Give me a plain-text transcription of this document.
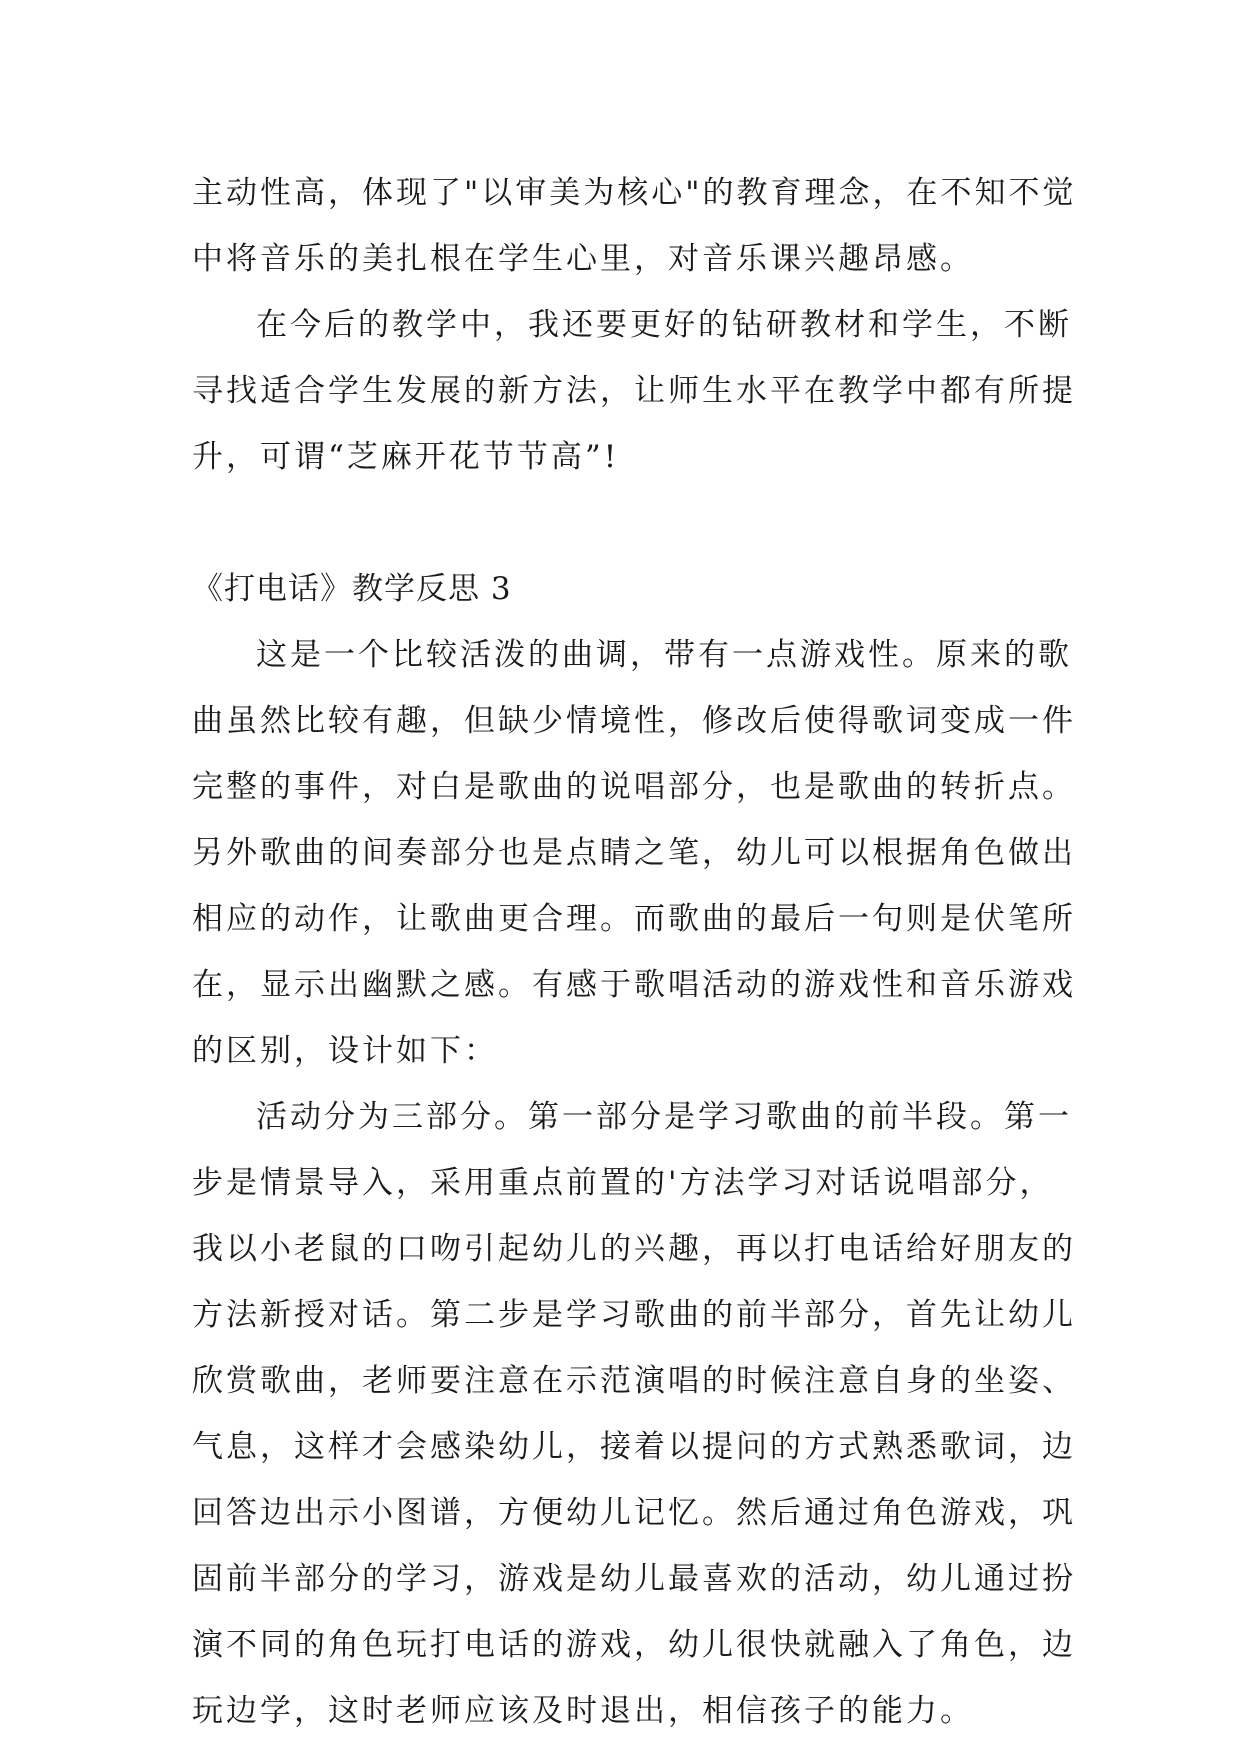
主动性高，体现了"以审美为核心"的教育理念，在不知不觉
中将音乐的美扎根在学生心里，对音乐课兴趣昂感。
在今后的教学中，我还要更好的钻研教材和学生，不断
寻找适合学生发展的新方法，让师生水平在教学中都有所提
升，可谓“芝麻开花节节高”!
《打电话》教学反思 3
这是一个比较活泼的曲调，带有一点游戏性。原来的歌
曲虽然比较有趣，但缺少情境性，修改后使得歌词变成一件
完整的事件，对白是歌曲的说唱部分，也是歌曲的转折点。
另外歌曲的间奏部分也是点睛之笔，幼儿可以根据角色做出
相应的动作，让歌曲更合理。而歌曲的最后一句则是伏笔所
在，显示出幽默之感。有感于歌唱活动的游戏性和音乐游戏
的区别，设计如下：
活动分为三部分。第一部分是学习歌曲的前半段。第一
步是情景导入，采用重点前置的'方法学习对话说唱部分，
我以小老鼠的口吻引起幼儿的兴趣，再以打电话给好朋友的
方法新授对话。第二步是学习歌曲的前半部分，首先让幼儿
欣赏歌曲，老师要注意在示范演唱的时候注意自身的坐姿、
气息，这样才会感染幼儿，接着以提问的方式熟悉歌词，边
回答边出示小图谱，方便幼儿记忆。然后通过角色游戏，巩
固前半部分的学习，游戏是幼儿最喜欢的活动，幼儿通过扮
演不同的角色玩打电话的游戏，幼儿很快就融入了角色，边
玩边学，这时老师应该及时退出，相信孩子的能力。
